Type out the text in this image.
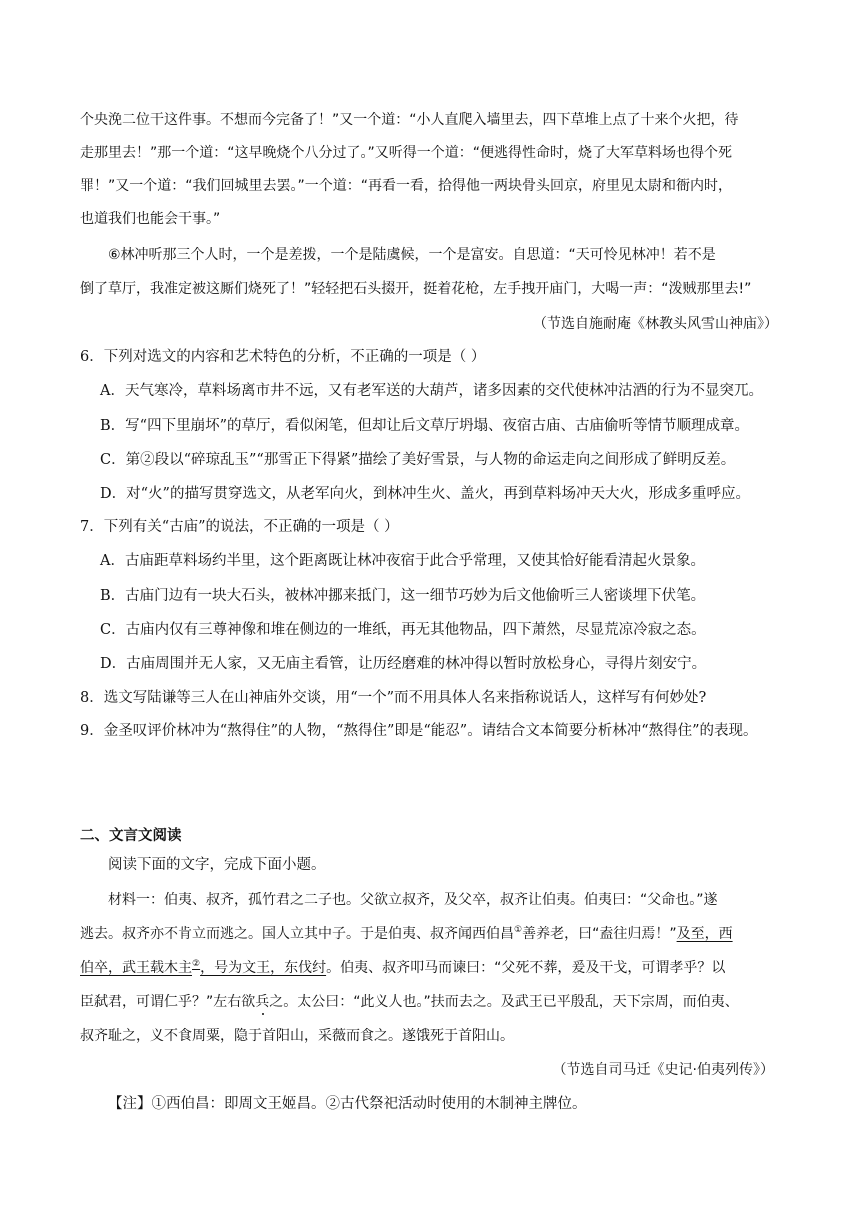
个央浼二位干这件事。不想而今完备了！”又一个道：“小人直爬入墙里去，四下草堆上点了十来个火把，待
走那里去！”那一个道：“这早晚烧个八分过了。”又听得一个道：“便逃得性命时，烧了大军草料场也得个死
罪！”又一个道：“我们回城里去罢。”一个道：“再看一看，拾得他一两块骨头回京，府里见太尉和衙内时，
也道我们也能会干事。”
⑥林冲听那三个人时，一个是差拨，一个是陆虞候，一个是富安。自思道：“天可怜见林冲！若不是
倒了草厅，我准定被这厮们烧死了！”轻轻把石头掇开，挺着花枪，左手拽开庙门，大喝一声：“泼贼那里去!”
（节选自施耐庵《林教头风雪山神庙》）
6．下列对选文的内容和艺术特色的分析，不正确的一项是（ ）
A．天气寒冷，草料场离市井不远，又有老军送的大葫芦，诸多因素的交代使林冲沽酒的行为不显突兀。
B．写“四下里崩坏”的草厅，看似闲笔，但却让后文草厅坍塌、夜宿古庙、古庙偷听等情节顺理成章。
C．第②段以“碎琼乱玉”“那雪正下得紧”描绘了美好雪景，与人物的命运走向之间形成了鲜明反差。
D．对“火”的描写贯穿选文，从老军向火，到林冲生火、盖火，再到草料场冲天大火，形成多重呼应。
7．下列有关“古庙”的说法，不正确的一项是（ ）
A．古庙距草料场约半里，这个距离既让林冲夜宿于此合乎常理，又使其恰好能看清起火景象。
B．古庙门边有一块大石头，被林冲挪来抵门，这一细节巧妙为后文他偷听三人密谈埋下伏笔。
C．古庙内仅有三尊神像和堆在侧边的一堆纸，再无其他物品，四下萧然，尽显荒凉冷寂之态。
D．古庙周围并无人家，又无庙主看管，让历经磨难的林冲得以暂时放松身心，寻得片刻安宁。
8．选文写陆谦等三人在山神庙外交谈，用“一个”而不用具体人名来指称说话人，这样写有何妙处?
9．金圣叹评价林冲为“熬得住”的人物，“熬得住”即是“能忍”。请结合文本简要分析林冲“熬得住”的表现。
二、文言文阅读
阅读下面的文字，完成下面小题。
材料一：伯夷、叔齐，孤竹君之二子也。父欲立叔齐，及父卒，叔齐让伯夷。伯夷曰：“父命也。”遂
逃去。叔齐亦不肯立而逃之。国人立其中子。于是伯夷、叔齐闻西伯昌①善养老，曰“盍往归焉！”及至，西
伯卒，武王载木主②，号为文王，东伐纣。伯夷、叔齐叩马而谏曰：“父死不葬，爰及干戈，可谓孝乎？以
臣弑君，可谓仁乎？”左右欲兵之。太公曰：“此义人也。”扶而去之。及武王已平殷乱，天下宗周，而伯夷、
叔齐耻之，义不食周粟，隐于首阳山，采薇而食之。遂饿死于首阳山。
（节选自司马迁《史记·伯夷列传》）
【注】①西伯昌：即周文王姬昌。②古代祭祀活动时使用的木制神主牌位。
